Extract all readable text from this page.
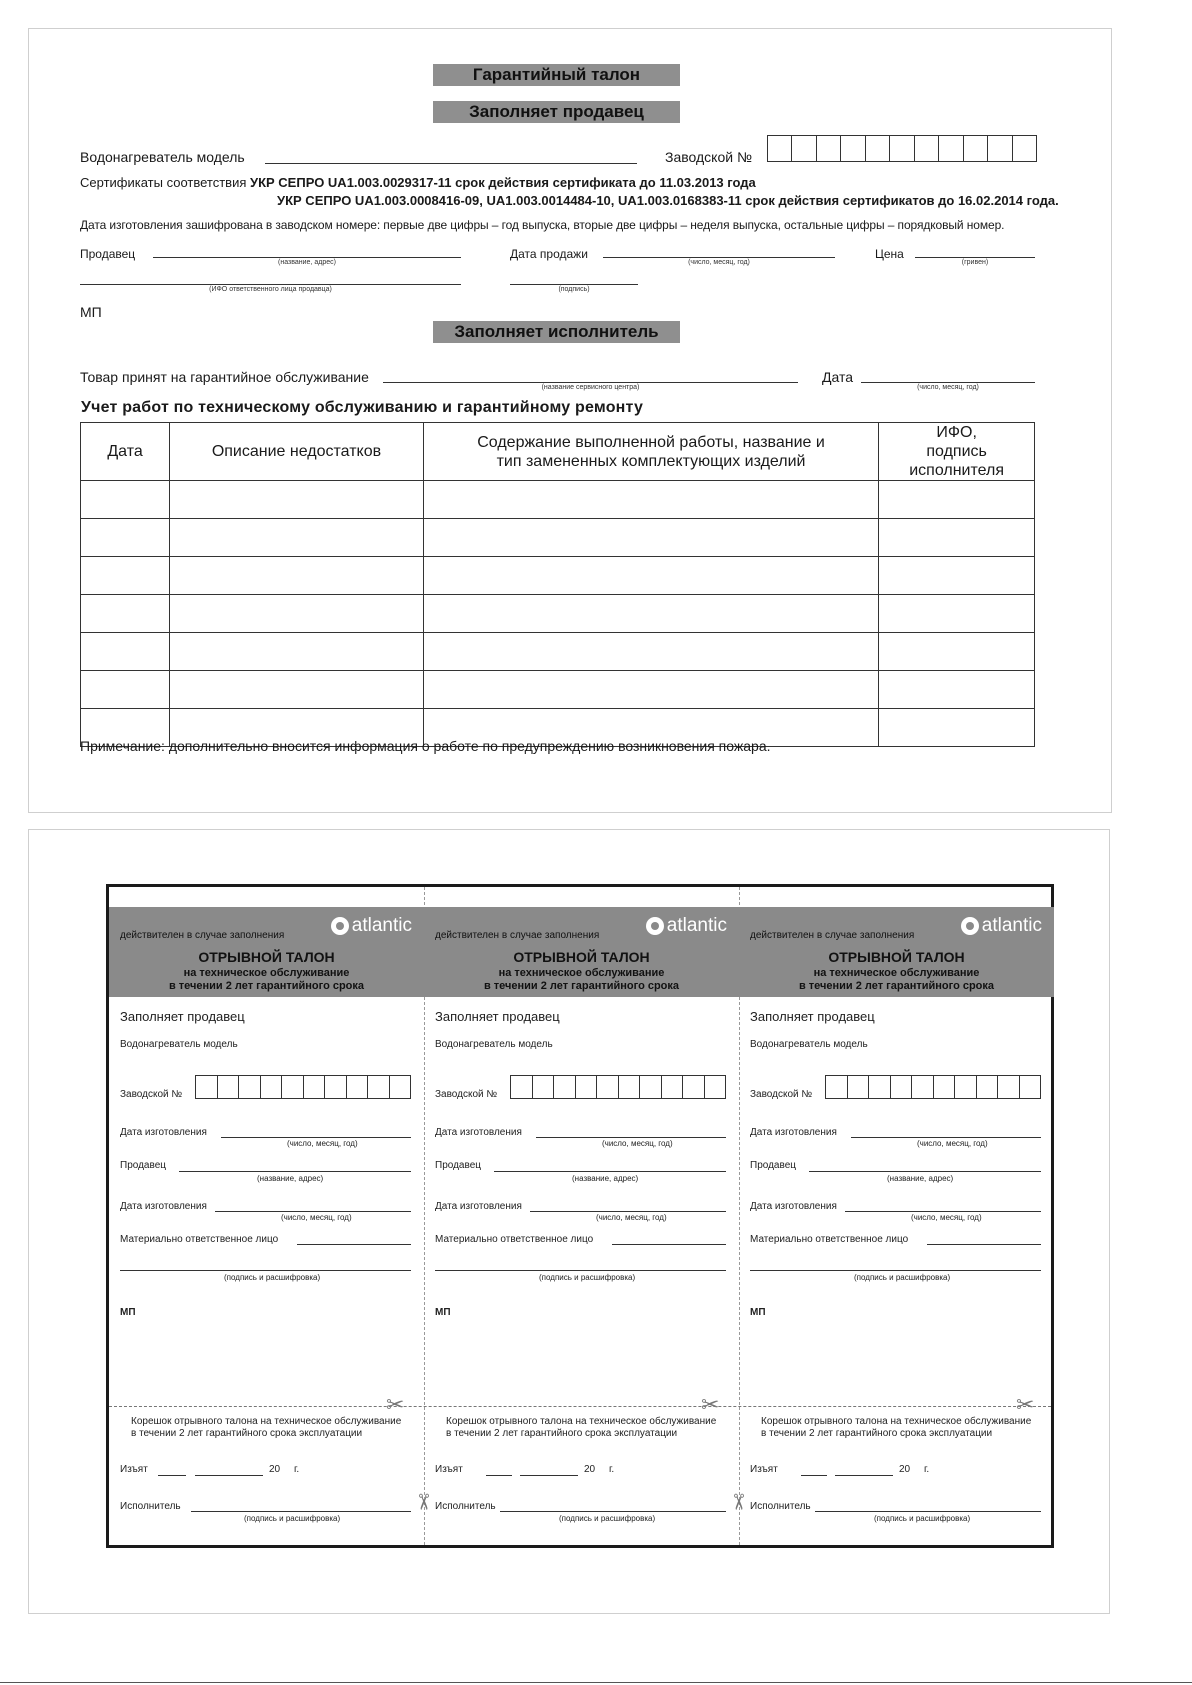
Гарантийный талон
Заполняет продавец
Водонагреватель модель	Заводской №
Сертификаты соответствия УКР СЕПРО UA1.003.0029317-11 срок действия сертификата до 11.03.2013 года
УКР СЕПРО UA1.003.0008416-09, UA1.003.0014484-10, UA1.003.0168383-11 срок действия сертификатов до 16.02.2014 года.
Дата изготовления зашифрована в заводском номере: первые две цифры – год выпуска, вторые две цифры – неделя выпуска, остальные цифры – порядковый номер.
Продавец
(название, адрес)
Дата продажи
(число, месяц, год)
Цена
(гривен)
(ИФО ответственного лица продавца)	(подпись)
МП
Заполняет исполнитель
Товар принят на гарантийное обслуживание
(название сервисного центра)
Дата
(число, месяц, год)
Учет работ по техническому обслуживанию и гарантийному ремонту
Дата	Описание недостатков	Содержание выполненной работы, название и тип замененных комплектующих изделий	ИФО, подпись исполнителя

Примечание: дополнительно вносится информация о работе по предупреждению возникновения пожара.
действителен в случае заполнения	atlantic
ОТРЫВНОЙ ТАЛОН
на техническое обслуживание
в течении 2 лет гарантийного срока
Заполняет продавец
Водонагреватель модель
Заводской №
Дата изготовления
(число, месяц, год)
Продавец
(название, адрес)
Дата изготовления
(число, месяц, год)
Материально ответственное лицо
(подпись и расшифровка)
МП
✂
Корешок отрывного талона на техническое обслуживание
в течении 2 лет гарантийного срока эксплуатации
Изъят	20 г.
Исполнитель
(подпись и расшифровка)
действителен в случае заполнения	atlantic
ОТРЫВНОЙ ТАЛОН
на техническое обслуживание
в течении 2 лет гарантийного срока
Заполняет продавец
Водонагреватель модель
Заводской №
Дата изготовления
(число, месяц, год)
Продавец
(название, адрес)
Дата изготовления
(число, месяц, год)
Материально ответственное лицо
(подпись и расшифровка)
МП
✂
✂
Корешок отрывного талона на техническое обслуживание
в течении 2 лет гарантийного срока эксплуатации
Изъят	20 г.
Исполнитель
(подпись и расшифровка)
действителен в случае заполнения	atlantic
ОТРЫВНОЙ ТАЛОН
на техническое обслуживание
в течении 2 лет гарантийного срока
Заполняет продавец
Водонагреватель модель
Заводской №
Дата изготовления
(число, месяц, год)
Продавец
(название, адрес)
Дата изготовления
(число, месяц, год)
Материально ответственное лицо
(подпись и расшифровка)
МП
✂
✂
Корешок отрывного талона на техническое обслуживание
в течении 2 лет гарантийного срока эксплуатации
Изъят	20 г.
Исполнитель
(подпись и расшифровка)
